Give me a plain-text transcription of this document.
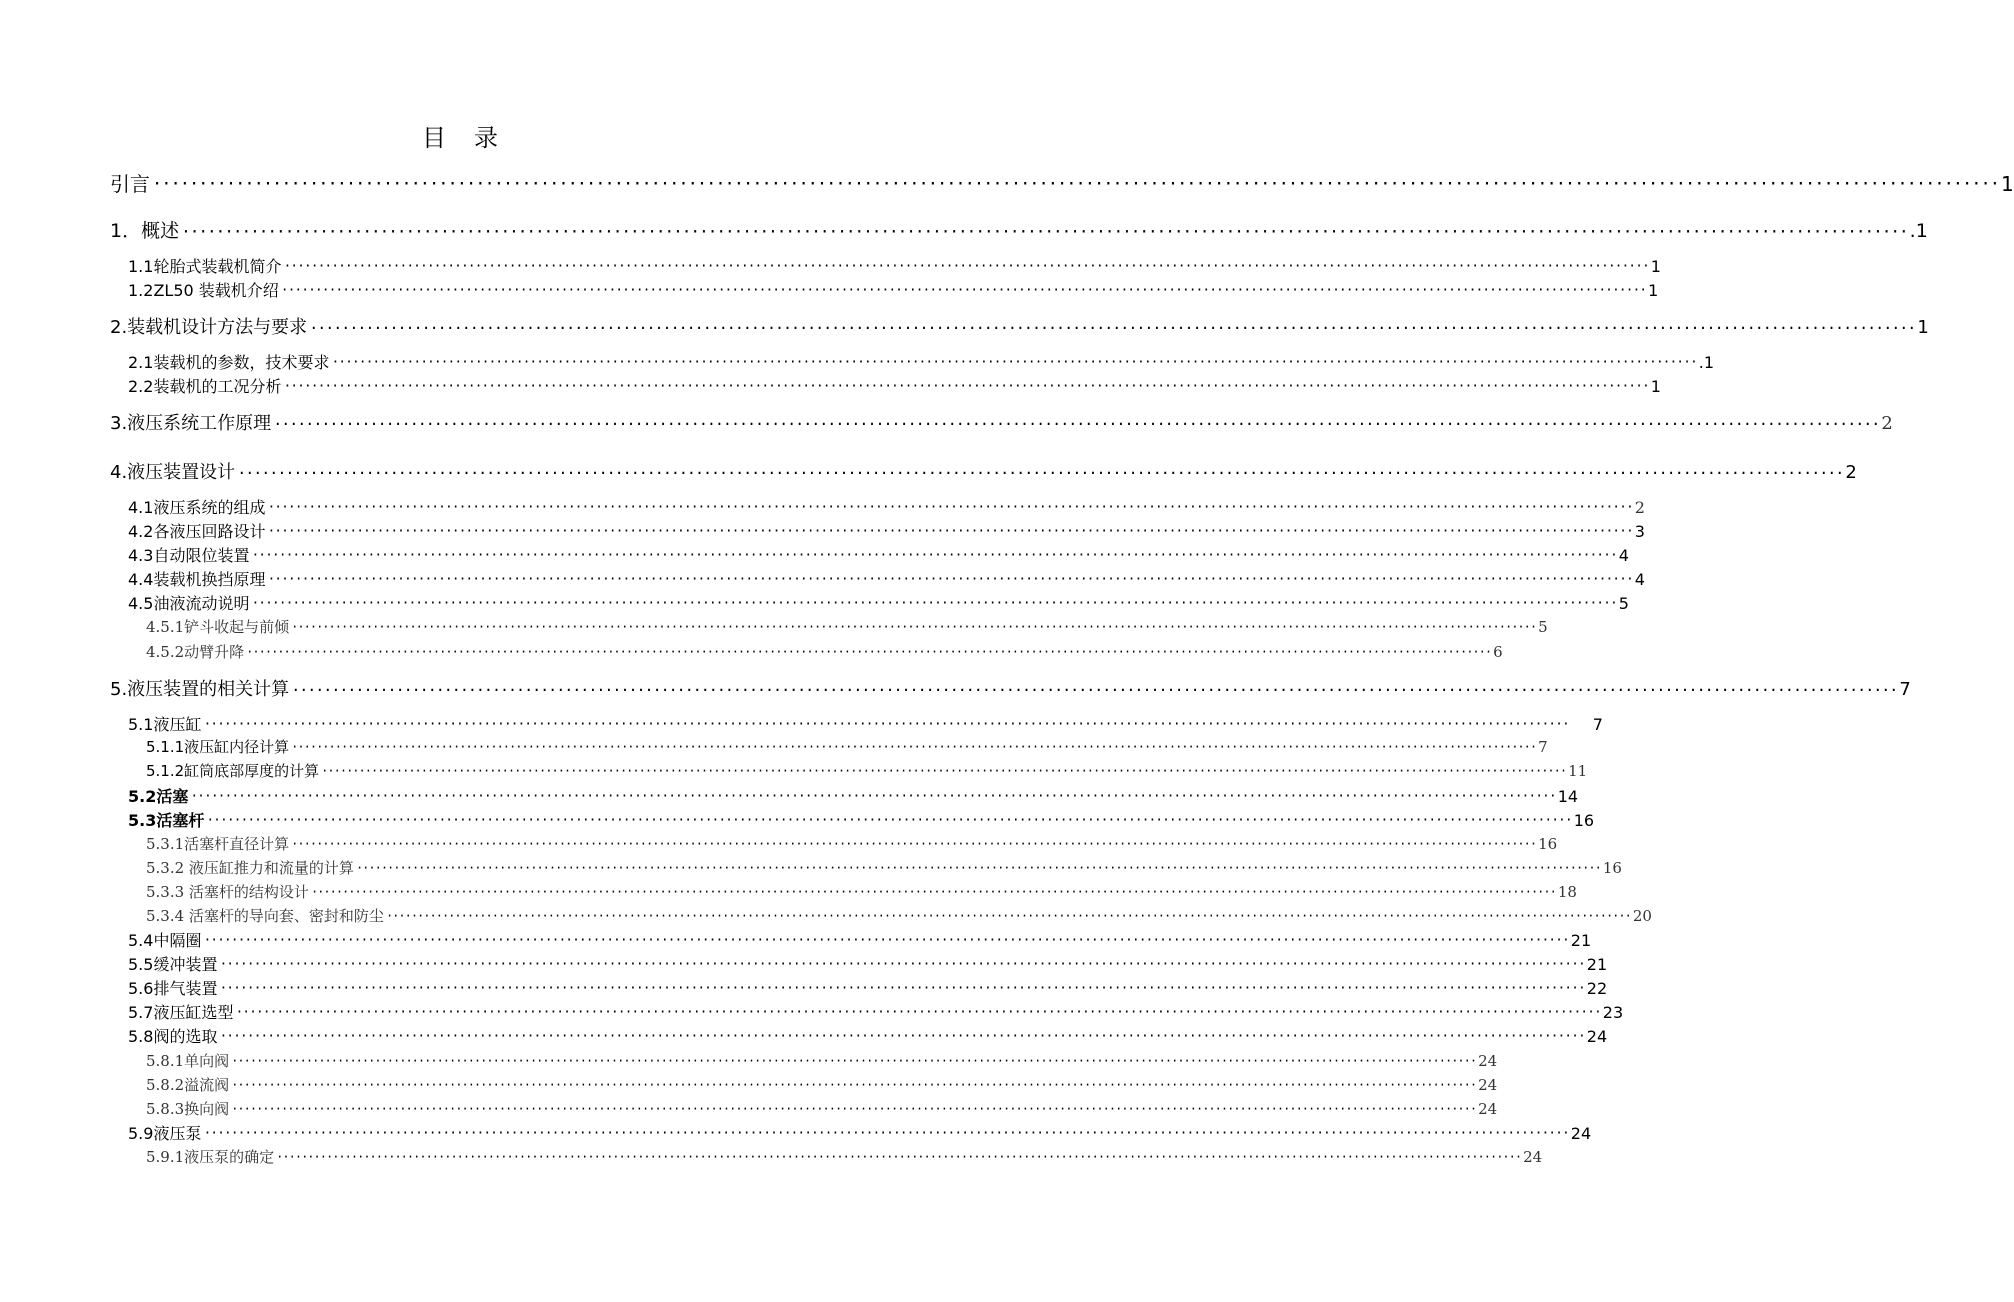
目 录
引言 ········································································································································································································ 1
1．概述 ········································································································································································································ .1
1.1轮胎式装载机简介 ········································································································································································································ 1
1.2ZL50 装载机介绍 ········································································································································································································ 1
2.装载机设计方法与要求 ········································································································································································································ 1
2.1装载机的参数，技术要求 ········································································································································································································ .1
2.2装载机的工况分析 ········································································································································································································ 1
3.液压系统工作原理 ········································································································································································································ 2
4.液压装置设计 ········································································································································································································ 2
4.1液压系统的组成 ········································································································································································································ 2
4.2各液压回路设计 ········································································································································································································ 3
4.3自动限位装置 ········································································································································································································ 4
4.4装载机换挡原理 ········································································································································································································ 4
4.5油液流动说明 ········································································································································································································ 5
4.5.1铲斗收起与前倾 ········································································································································································································ 5
4.5.2动臂升降 ········································································································································································································ 6
5.液压装置的相关计算 ········································································································································································································ 7
5.1液压缸 ········································································································································································································ 7
5.1.1液压缸内径计算 ········································································································································································································ 7
5.1.2缸筒底部厚度的计算 ········································································································································································································ 11
5.2活塞 ········································································································································································································ 14
5.3活塞杆 ········································································································································································································ 16
5.3.1活塞杆直径计算 ········································································································································································································ 16
5.3.2 液压缸推力和流量的计算 ········································································································································································································ 16
5.3.3 活塞杆的结构设计 ········································································································································································································ 18
5.3.4 活塞杆的导向套、密封和防尘 ········································································································································································································ 20
5.4中隔圈 ········································································································································································································ 21
5.5缓冲装置 ········································································································································································································ 21
5.6排气装置 ········································································································································································································ 22
5.7液压缸选型 ········································································································································································································ 23
5.8阀的选取 ········································································································································································································ 24
5.8.1单向阀 ········································································································································································································ 24
5.8.2溢流阀 ········································································································································································································ 24
5.8.3换向阀 ········································································································································································································ 24
5.9液压泵 ········································································································································································································ 24
5.9.1液压泵的确定 ········································································································································································································ 24
